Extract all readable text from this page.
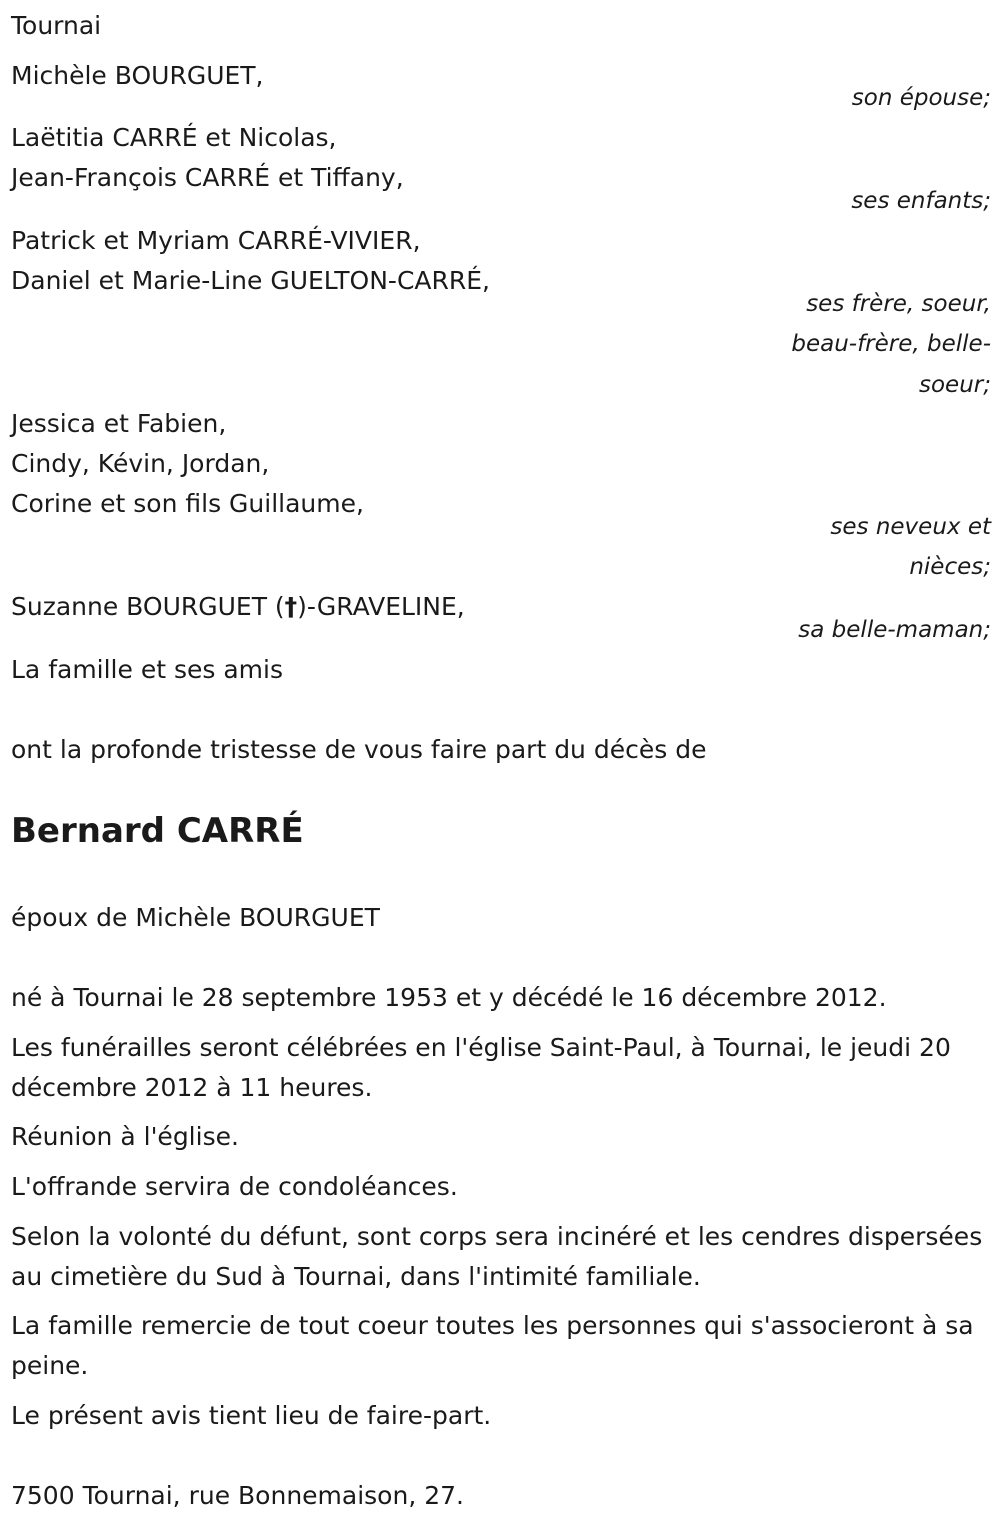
Tournai
Michèle BOURGUET,
son épouse;
Laëtitia CARRÉ et Nicolas,
Jean-François CARRÉ et Tiffany,
ses enfants;
Patrick et Myriam CARRÉ-VIVIER,
Daniel et Marie-Line GUELTON-CARRÉ,
ses frère, soeur,
beau-frère, belle-
soeur;
Jessica et Fabien,
Cindy, Kévin, Jordan,
Corine et son fils Guillaume,
ses neveux et
nièces;
Suzanne BOURGUET (†)-GRAVELINE,
sa belle-maman;
La famille et ses amis
ont la profonde tristesse de vous faire part du décès de
Bernard CARRÉ
époux de Michèle BOURGUET
né à Tournai le 28 septembre 1953 et y décédé le 16 décembre 2012.
Les funérailles seront célébrées en l'église Saint-Paul, à Tournai, le jeudi 20 décembre 2012 à 11 heures.
Réunion à l'église.
L'offrande servira de condoléances.
Selon la volonté du défunt, sont corps sera incinéré et les cendres dispersées au cimetière du Sud à Tournai, dans l'intimité familiale.
La famille remercie de tout coeur toutes les personnes qui s'associeront à sa peine.
Le présent avis tient lieu de faire-part.
7500 Tournai, rue Bonnemaison, 27.
